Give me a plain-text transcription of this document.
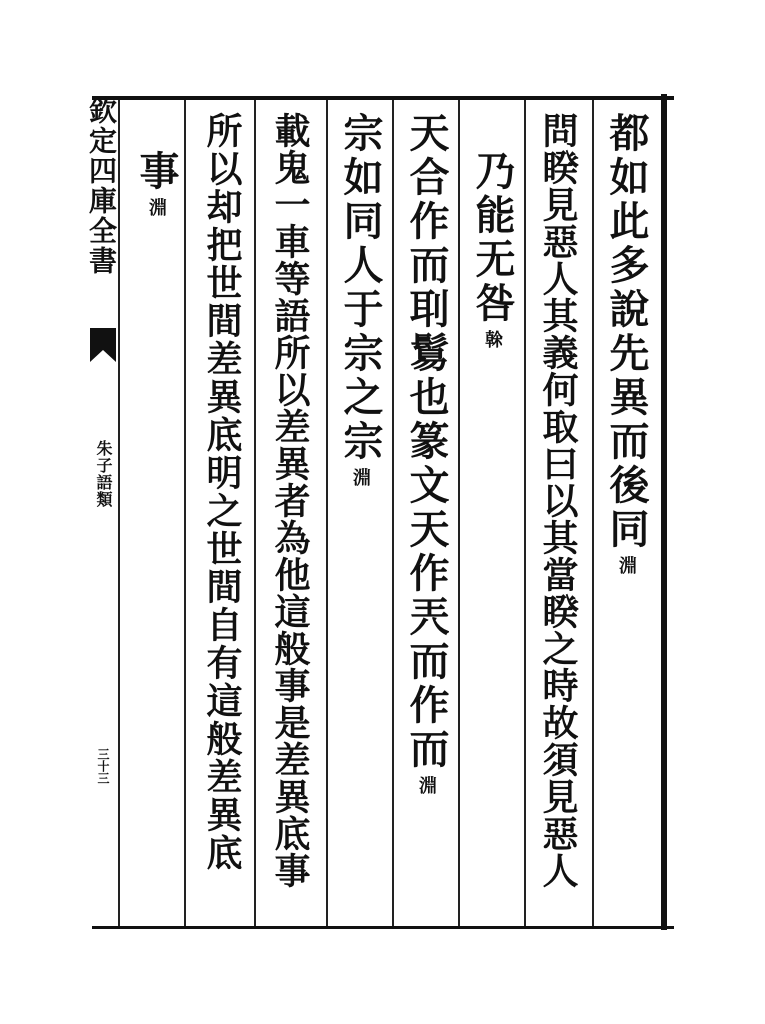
欽定四庫全書
朱子語類
三十三
都如此多說先異而後同
淵
問睽見惡人其義何取曰以其當睽之時故須見惡人
乃能无咎
榦
天合作而刵鬄也篆文天作兲而作而
淵
宗如同人于宗之宗
淵
載鬼一車等語所以差異者為他這般事是差異底事
所以却把世間差異底明之世間自有這般差異底
事
淵
